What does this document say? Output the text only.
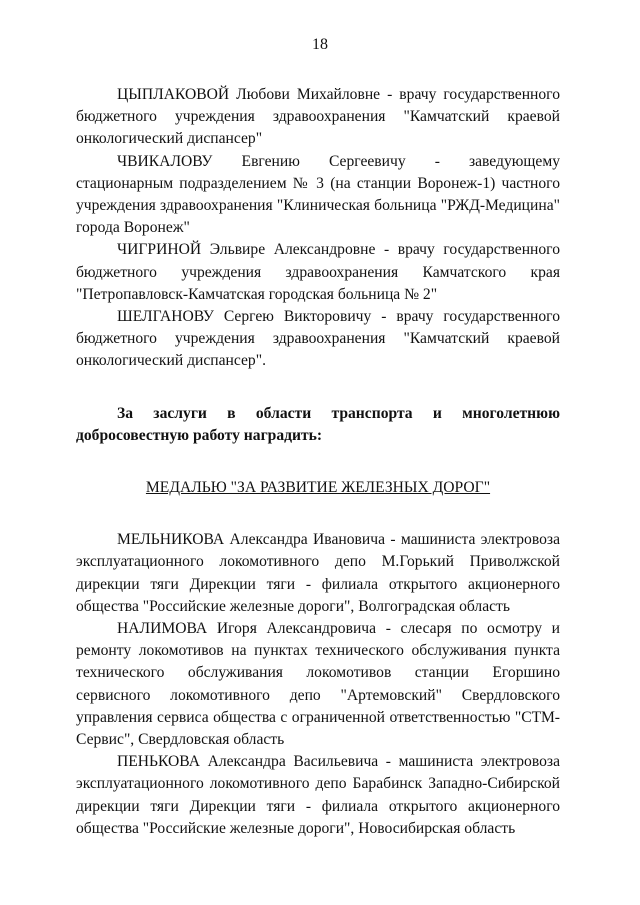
18

ЦЫПЛАКОВОЙ Любови Михайловне - врачу государственного бюджетного учреждения здравоохранения "Камчатский краевой онкологический диспансер"

ЧВИКАЛОВУ Евгению Сергеевичу - заведующему стационарным подразделением № 3 (на станции Воронеж-1) частного учреждения здравоохранения "Клиническая больница "РЖД-Медицина" города Воронеж"

ЧИГРИНОЙ Эльвире Александровне - врачу государственного бюджетного учреждения здравоохранения Камчатского края "Петропавловск-Камчатская городская больница № 2"

ШЕЛГАНОВУ Сергею Викторовичу - врачу государственного бюджетного учреждения здравоохранения "Камчатский краевой онкологический диспансер".

За заслуги в области транспорта и многолетнюю добросовестную работу наградить:

МЕДАЛЬЮ "ЗА РАЗВИТИЕ ЖЕЛЕЗНЫХ ДОРОГ"

МЕЛЬНИКОВА Александра Ивановича - машиниста электровоза эксплуатационного локомотивного депо М.Горький Приволжской дирекции тяги Дирекции тяги - филиала открытого акционерного общества "Российские железные дороги", Волгоградская область

НАЛИМОВА Игоря Александровича - слесаря по осмотру и ремонту локомотивов на пунктах технического обслуживания пункта технического обслуживания локомотивов станции Егоршино сервисного локомотивного депо "Артемовский" Свердловского управления сервиса общества с ограниченной ответственностью "СТМ-Сервис", Свердловская область

ПЕНЬКОВА Александра Васильевича - машиниста электровоза эксплуатационного локомотивного депо Барабинск Западно-Сибирской дирекции тяги Дирекции тяги - филиала открытого акционерного общества "Российские железные дороги", Новосибирская область
